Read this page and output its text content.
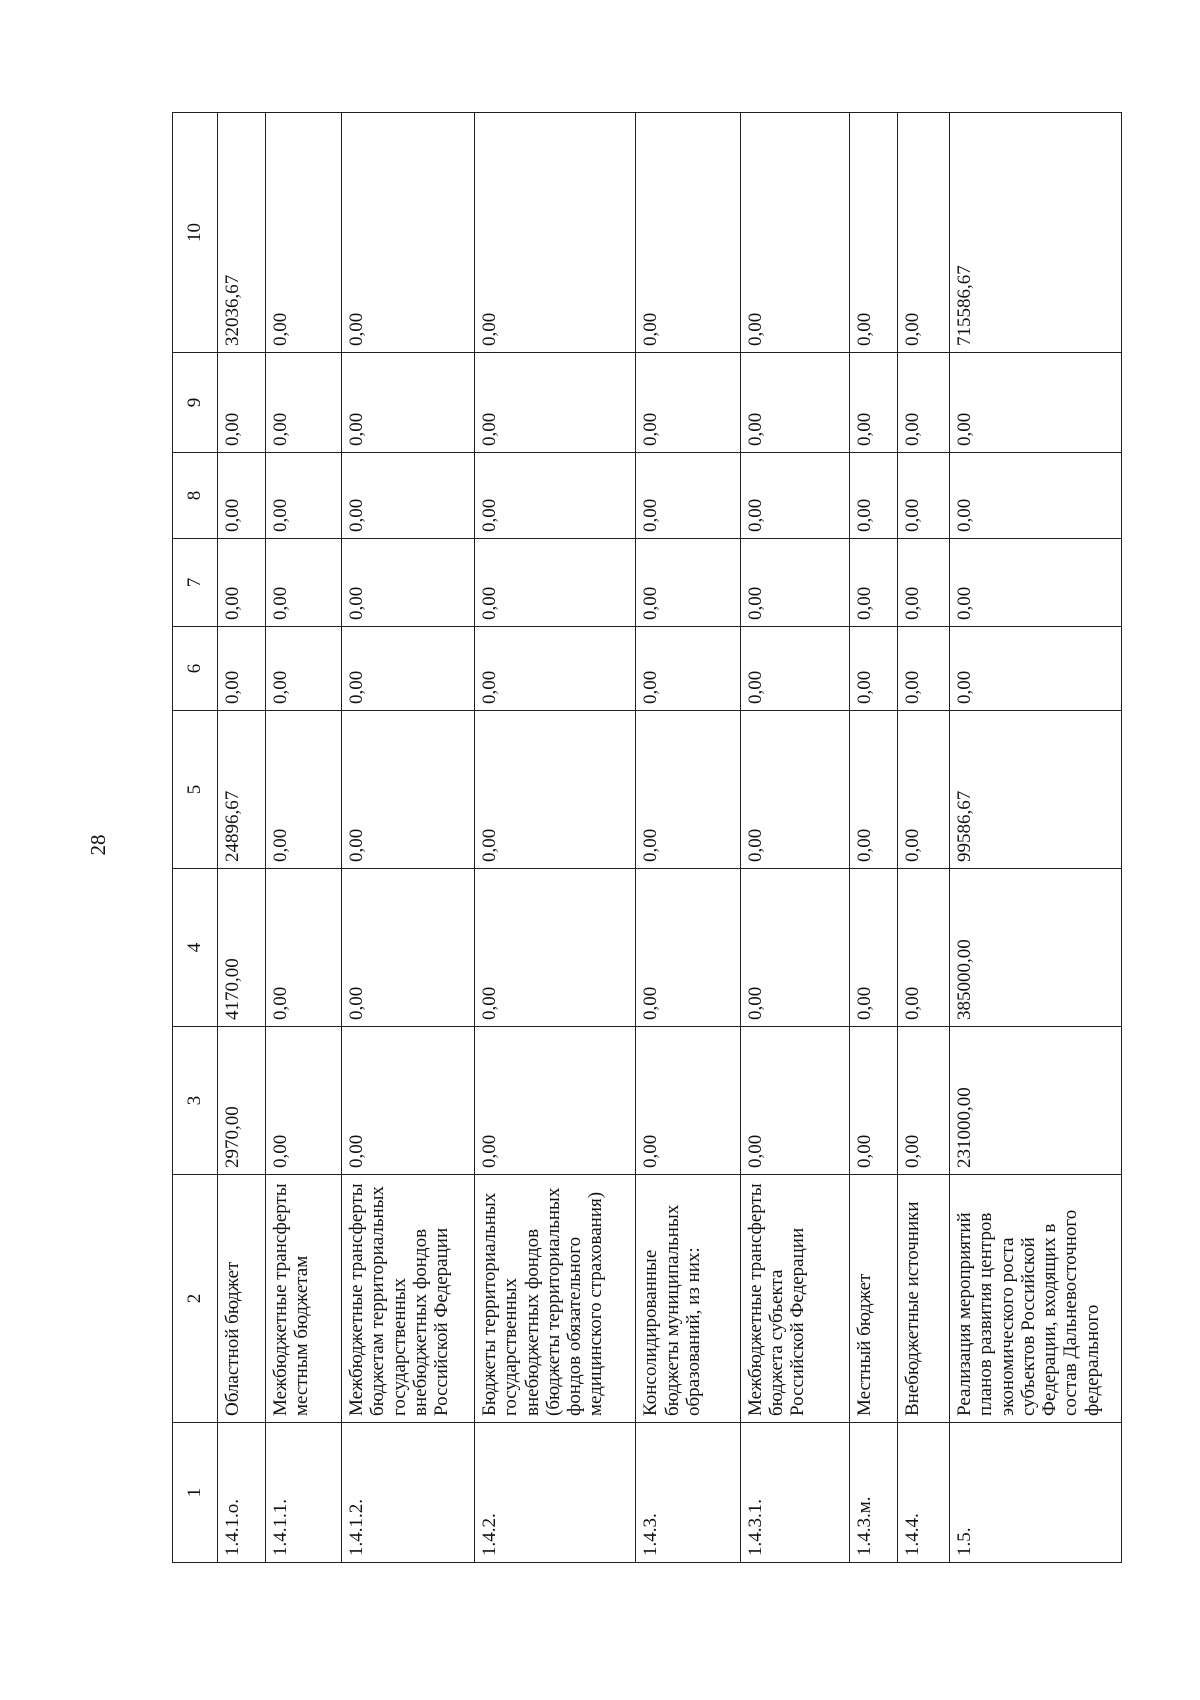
28
1	2	3	4	5	6	7	8	9	10
1.4.1.о.	Областной бюджет	2970,00	4170,00	24896,67	0,00	0,00	0,00	0,00	32036,67
1.4.1.1.	Межбюджетные трансферты местным бюджетам	0,00	0,00	0,00	0,00	0,00	0,00	0,00	0,00
1.4.1.2.	Межбюджетные трансферты бюджетам территориальных государственных внебюджетных фондов Российской Федерации	0,00	0,00	0,00	0,00	0,00	0,00	0,00	0,00
1.4.2.	Бюджеты территориальных государственных внебюджетных фондов (бюджеты территориальных фондов обязательного медицинского страхования)	0,00	0,00	0,00	0,00	0,00	0,00	0,00	0,00
1.4.3.	Консолидированные бюджеты муниципальных образований, из них:	0,00	0,00	0,00	0,00	0,00	0,00	0,00	0,00
1.4.3.1.	Межбюджетные трансферты бюджета субъекта Российской Федерации	0,00	0,00	0,00	0,00	0,00	0,00	0,00	0,00
1.4.3.м.	Местный бюджет	0,00	0,00	0,00	0,00	0,00	0,00	0,00	0,00
1.4.4.	Внебюджетные источники	0,00	0,00	0,00	0,00	0,00	0,00	0,00	0,00
1.5.	Реализация мероприятий планов развития центров экономического роста субъектов Российской Федерации, входящих в состав Дальневосточного федерального	231000,00	385000,00	99586,67	0,00	0,00	0,00	0,00	715586,67
